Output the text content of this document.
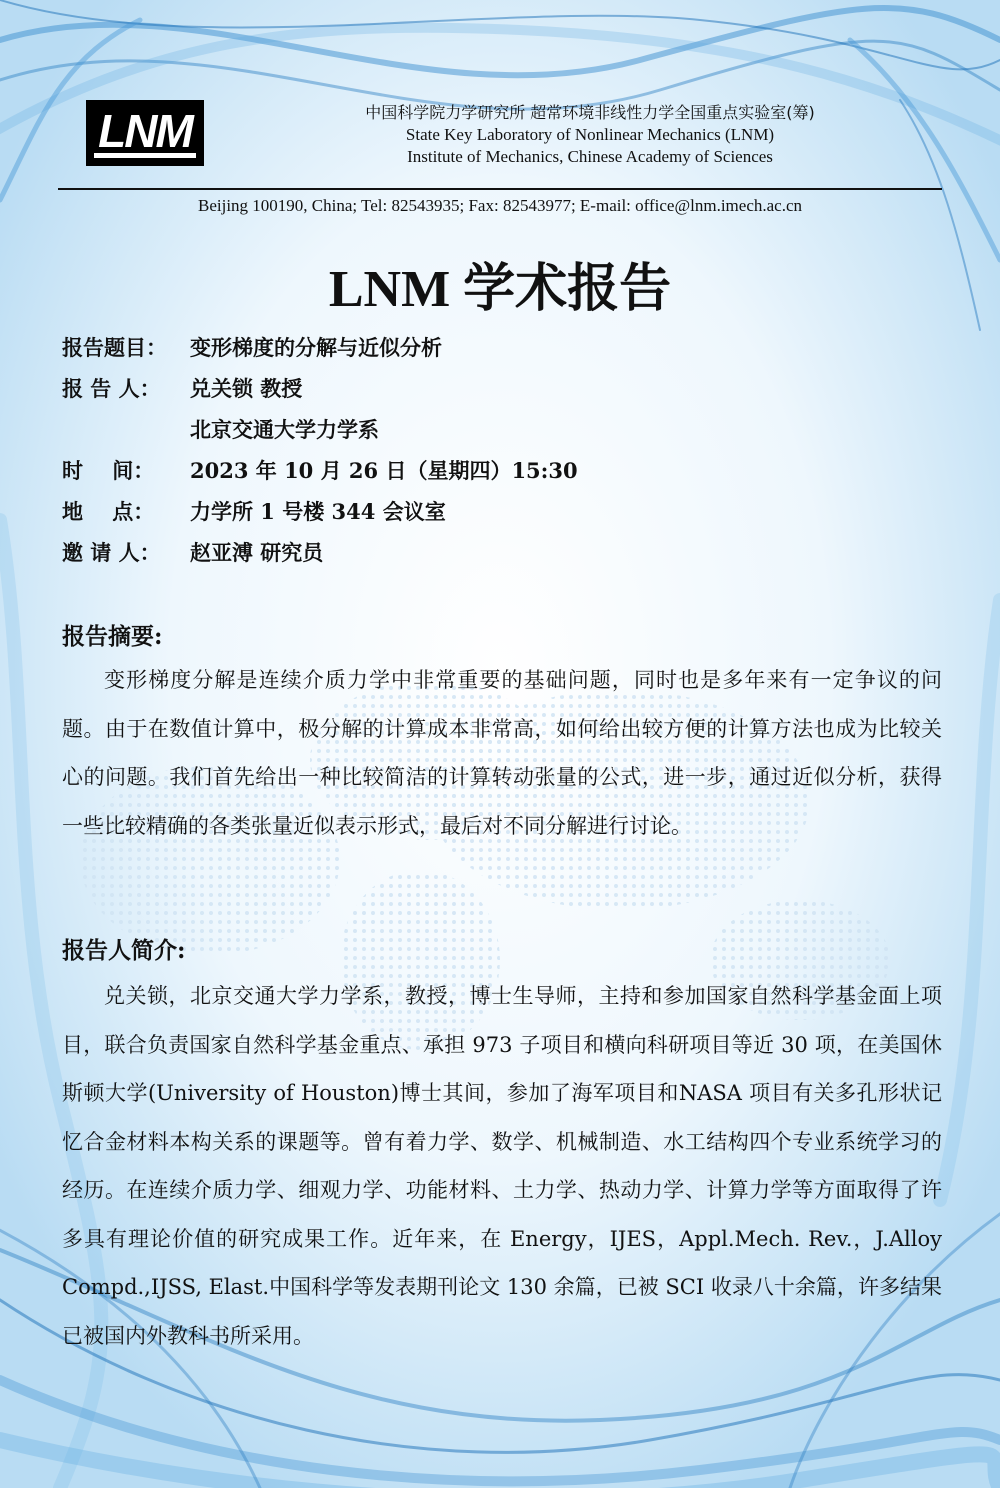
LNM	中国科学院力学研究所 超常环境非线性力学全国重点实验室(筹)
State Key Laboratory of Nonlinear Mechanics (LNM)
Institute of Mechanics, Chinese Academy of Sciences
Beijing 100190, China; Tel: 82543935; Fax: 82543977; E-mail: office@lnm.imech.ac.cn
LNM 学术报告
报告题目：	变形梯度的分解与近似分析
报 告 人：	兑关锁 教授
北京交通大学力学系
时    间：	2023 年 10 月 26 日（星期四）15:30
地    点：	力学所 1 号楼 344 会议室
邀 请 人：	赵亚溥 研究员
报告摘要:
变形梯度分解是连续介质力学中非常重要的基础问题，同时也是多年来有一定争议的问题。由于在数值计算中，极分解的计算成本非常高，如何给出较方便的计算方法也成为比较关心的问题。我们首先给出一种比较简洁的计算转动张量的公式，进一步，通过近似分析，获得一些比较精确的各类张量近似表示形式，最后对不同分解进行讨论。
报告人简介:
兑关锁，北京交通大学力学系，教授，博士生导师，主持和参加国家自然科学基金面上项目，联合负责国家自然科学基金重点、承担 973 子项目和横向科研项目等近 30 项，在美国休斯顿大学(University of Houston)博士其间，参加了海军项目和NASA 项目有关多孔形状记忆合金材料本构关系的课题等。曾有着力学、数学、机械制造、水工结构四个专业系统学习的经历。在连续介质力学、细观力学、功能材料、土力学、热动力学、计算力学等方面取得了许多具有理论价值的研究成果工作。近年来，在 Energy，IJES，Appl.Mech. Rev.，J.Alloy Compd.,IJSS, Elast.中国科学等发表期刊论文 130 余篇，已被 SCI 收录八十余篇，许多结果已被国内外教科书所采用。
